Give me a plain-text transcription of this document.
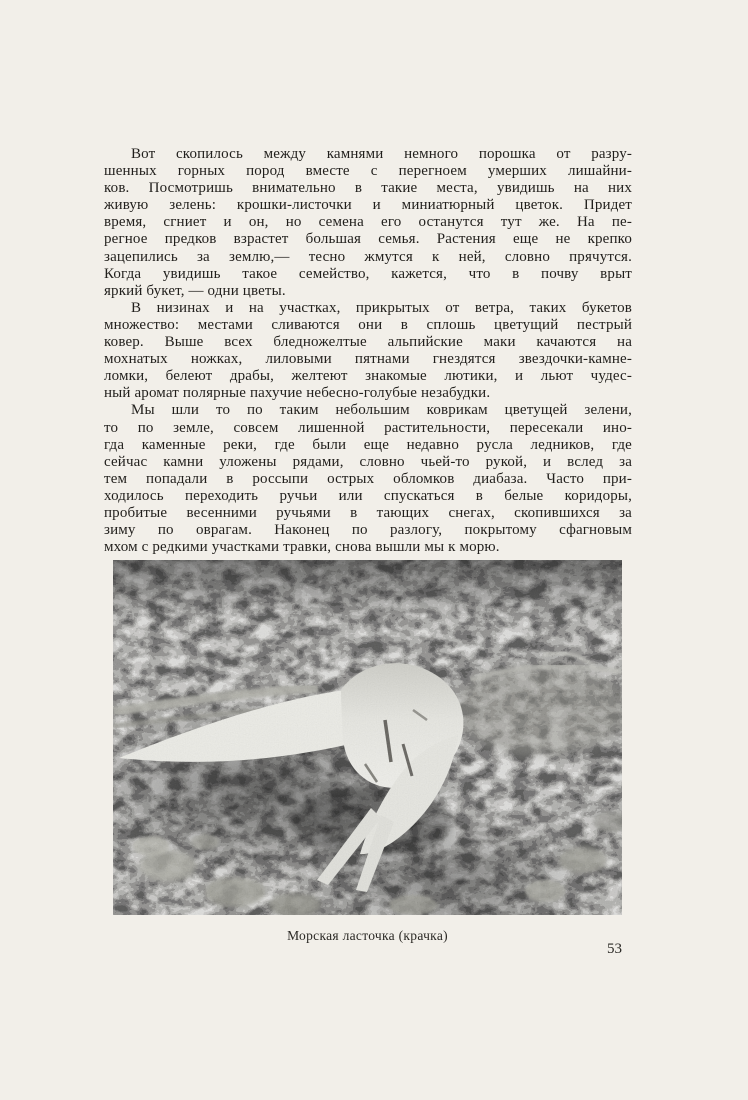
Вот скопилось между камнями немного порошка от разру-
шенных горных пород вместе с перегноем умерших лишайни-
ков. Посмотришь внимательно в такие места, увидишь на них
живую зелень: крошки-листочки и миниатюрный цветок. Придет
время, сгниет и он, но семена его останутся тут же. На пе-
регное предков взрастет большая семья. Растения еще не крепко
зацепились за землю,— тесно жмутся к ней, словно прячутся.
Когда увидишь такое семейство, кажется, что в почву врыт
яркий букет, — одни цветы.

В низинах и на участках, прикрытых от ветра, таких букетов
множество: местами сливаются они в сплошь цветущий пестрый
ковер. Выше всех бледножелтые альпийские маки качаются на
мохнатых ножках, лиловыми пятнами гнездятся звездочки-камне-
ломки, белеют драбы, желтеют знакомые лютики, и льют чудес-
ный аромат полярные пахучие небесно-голубые незабудки.

Мы шли то по таким небольшим коврикам цветущей зелени,
то по земле, совсем лишенной растительности, пересекали ино-
гда каменные реки, где были еще недавно русла ледников, где
сейчас камни уложены рядами, словно чьей-то рукой, и вслед за
тем попадали в россыпи острых обломков диабаза. Часто при-
ходилось переходить ручьи или спускаться в белые коридоры,
пробитые весенними ручьями в тающих снегах, скопившихся за
зиму по оврагам. Наконец по разлогу, покрытому сфагновым
мхом с редкими участками травки, снова вышли мы к морю.

Морская ласточка (крачка)
53
